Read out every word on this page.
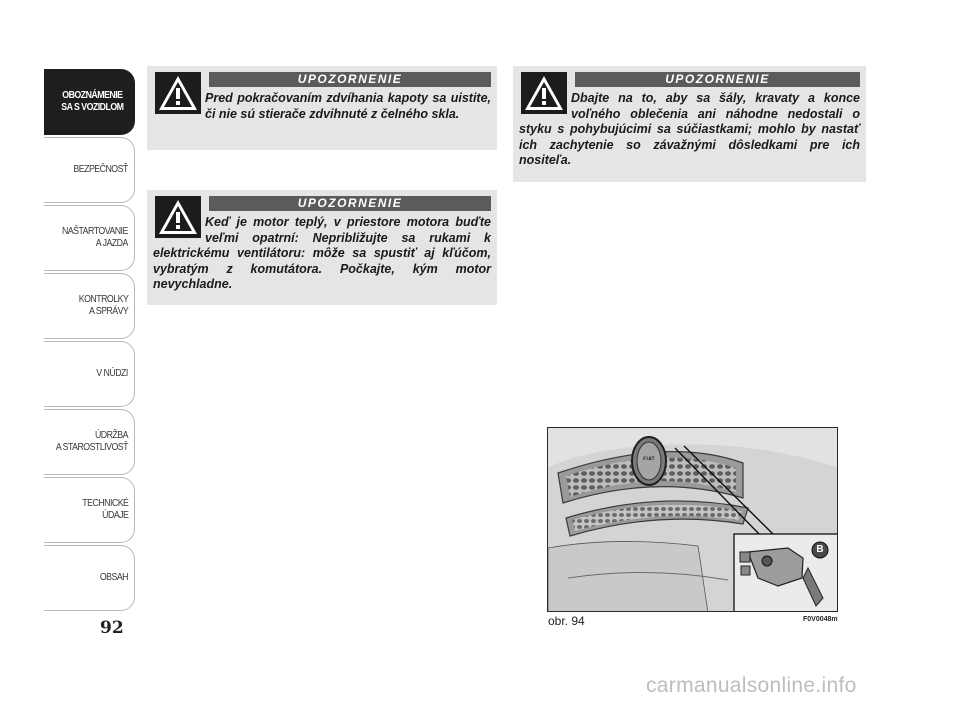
OBOZNÁMENIE
SA S VOZIDLOM
BEZPEČNOSŤ
NAŠTARTOVANIE
A JAZDA
KONTROLKY
A SPRÁVY
V NÚDZI
ÚDRŽBA
A STAROSTLIVOSŤ
TECHNICKÉ
ÚDAJE
OBSAH
92
UPOZORNENIE
Pred pokračovaním zdvíhania kapoty sa uistite, či nie sú stierače zdvihnuté z čelného skla.
UPOZORNENIE
Keď je motor teplý, v priestore motora buďte veľmi opatrní: Nepribližujte sa rukami k elektrickému ventilátoru: môže sa spustiť aj kľúčom, vybratým z komutátora. Počkajte, kým motor nevychladne.
UPOZORNENIE
Dbajte na to, aby sa šály, kravaty a konce voľného oblečenia ani náhodne nedostali o styku s pohybujúcimi sa súčiastkami; mohlo by nastať ich zachytenie so závažnými dôsledkami pre ich nositeľa.
FIAT
B
obr. 94	F0V0048m
carmanualsonline.info
